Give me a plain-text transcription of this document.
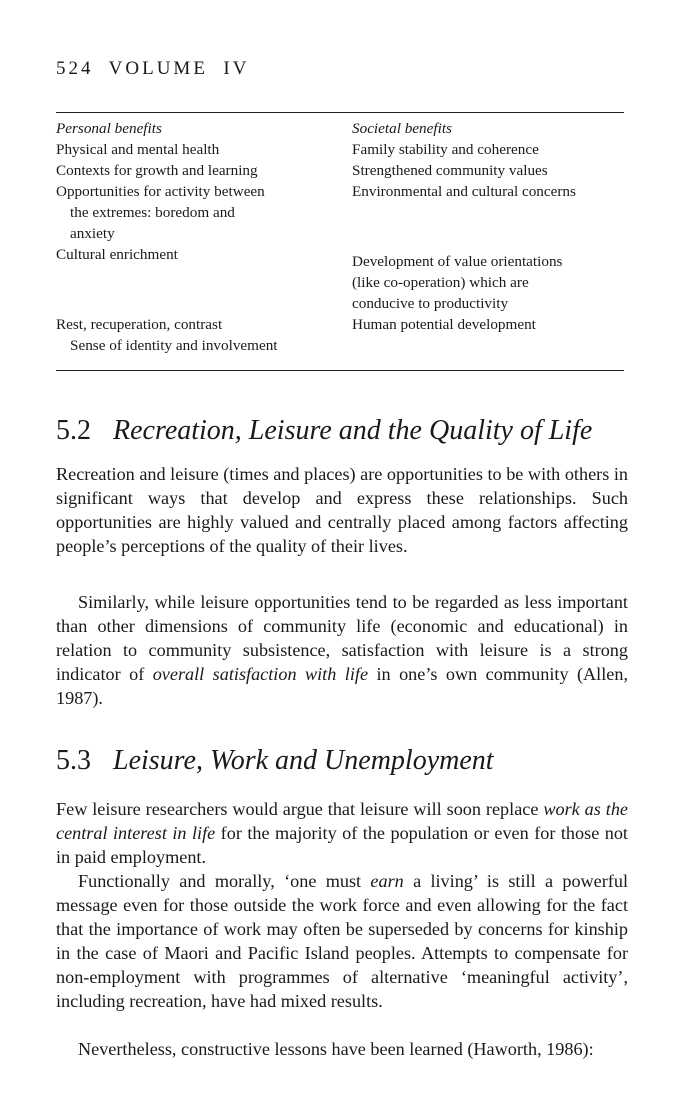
524  VOLUME  IV
Personal benefits
Physical and mental health
Contexts for growth and learning
Opportunities for activity between
the extremes: boredom and
anxiety
Cultural enrichment
Rest, recuperation, contrast
Sense of identity and involvement
Societal benefits
Family stability and coherence
Strengthened community values
Environmental and cultural concerns
Development of value orientations
(like co-operation) which are
conducive to productivity
Human potential development
5.2 Recreation, Leisure and the Quality of Life

Recreation and leisure (times and places) are opportunities to be with others in significant ways that develop and express these relationships. Such opportunities are highly valued and centrally placed among factors affecting people’s perceptions of the quality of their lives.

Similarly, while leisure opportunities tend to be regarded as less important than other dimensions of community life (economic and educational) in relation to community subsistence, satisfaction with leisure is a strong indicator of overall satisfaction with life in one’s own community (Allen, 1987).

5.3 Leisure, Work and Unemployment

Few leisure researchers would argue that leisure will soon replace work as the central interest in life for the majority of the population or even for those not in paid employment.

Functionally and morally, ‘one must earn a living’ is still a powerful message even for those outside the work force and even allowing for the fact that the importance of work may often be superseded by concerns for kinship in the case of Maori and Pacific Island peoples. Attempts to compensate for non-employment with programmes of alternative ‘meaningful activity’, including recreation, have had mixed results.

Nevertheless, constructive lessons have been learned (Haworth, 1986):
